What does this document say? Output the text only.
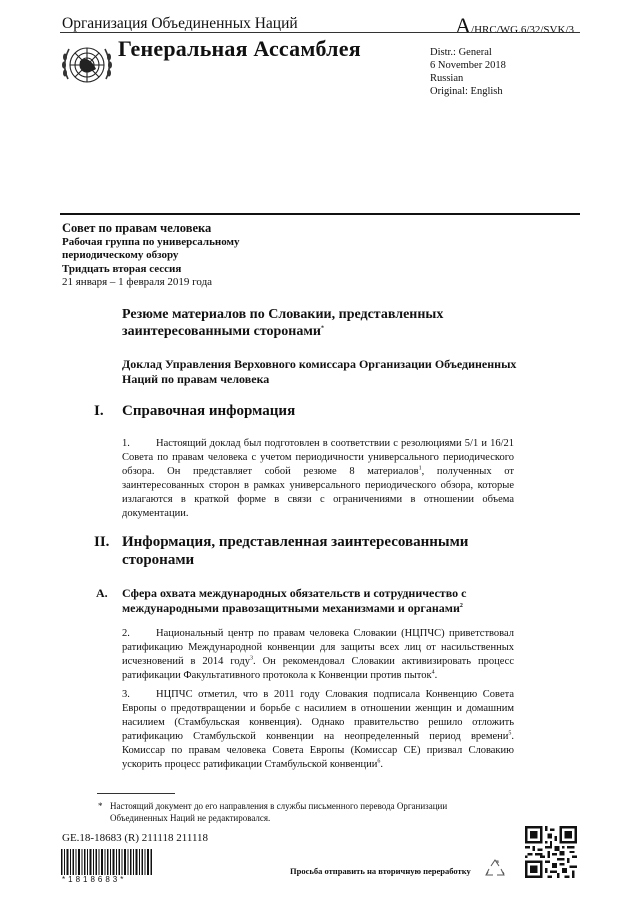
Организация Объединенных Наций	A/HRC/WG.6/32/SVK/3
Генеральная Ассамблея	Distr.: General
6 November 2018
Russian
Original: English
Совет по правам человека
Рабочая группа по универсальному
периодическому обзору
Тридцать вторая сессия
21 января – 1 февраля 2019 года
Резюме материалов по Словакии, представленных заинтересованными сторонами*
Доклад Управления Верховного комиссара Организации Объединенных Наций по правам человека
I. Справочная информация
1. Настоящий доклад был подготовлен в соответствии с резолюциями 5/1 и 16/21 Совета по правам человека с учетом периодичности универсального периодического обзора. Он представляет собой резюме 8 материалов$^1$, полученных от заинтересованных сторон в рамках универсального периодического обзора, которые излагаются в краткой форме в связи с ограничениями в отношении объема документации.
II. Информация, представленная заинтересованными сторонами
A. Сфера охвата международных обязательств и сотрудничество с международными правозащитными механизмами и органами$^2$
2. Национальный центр по правам человека Словакии (НЦПЧС) приветствовал ратификацию Международной конвенции для защиты всех лиц от насильственных исчезновений в 2014 году$^3$. Он рекомендовал Словакии активизировать процесс ратификации Факультативного протокола к Конвенции против пыток$^4$.
3. НЦПЧС отметил, что в 2011 году Словакия подписала Конвенцию Совета Европы о предотвращении и борьбе с насилием в отношении женщин и домашним насилием (Стамбульская конвенция). Однако правительство решило отложить ратификацию Стамбульской конвенции на неопределенный период времени$^5$. Комиссар по правам человека Совета Европы (Комиссар СЕ) призвал Словакию ускорить процесс ратификации Стамбульской конвенции$^6$.
* Настоящий документ до его направления в службы письменного перевода Организации Объединенных Наций не редактировался.
GE.18-18683 (R) 211118 211118
*1818683*
Просьба отправить на вторичную переработку
